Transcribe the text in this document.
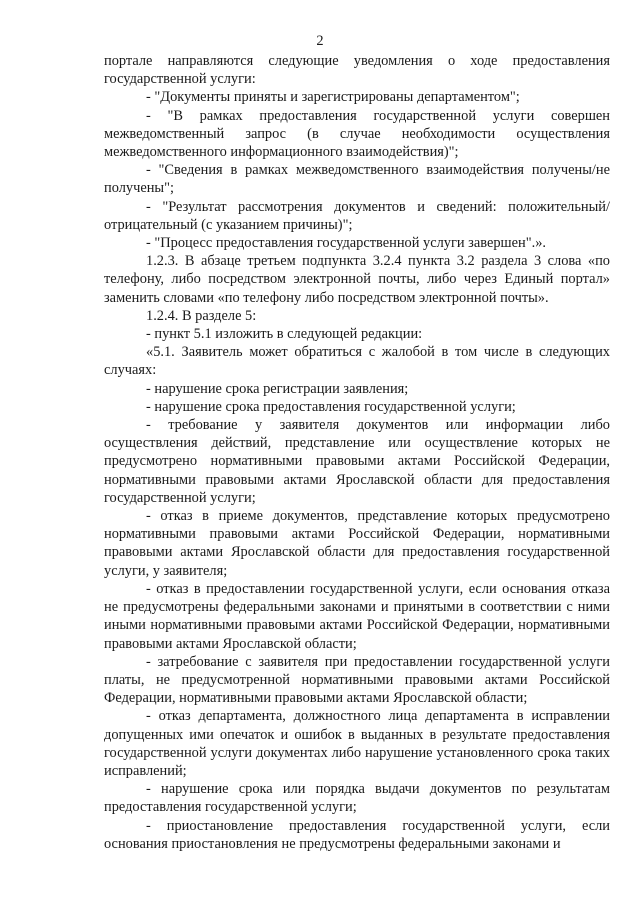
2

порталe направляются следующие уведомления о ходе предоставления государственной услуги:

- "Документы приняты и зарегистрированы департаментом";

- "В рамках предоставления государственной услуги совершен межведомственный запрос (в случае необходимости осуществления межведомственного информационного взаимодействия)";

- "Сведения в рамках межведомственного взаимодействия получены/не получены";

- "Результат рассмотрения документов и сведений: положительный/отрицательный (с указанием причины)";

- "Процесс предоставления государственной услуги завершен".».

1.2.3. В абзаце третьем подпункта 3.2.4 пункта 3.2 раздела 3 слова «по телефону, либо посредством электронной почты, либо через Единый портал» заменить словами «по телефону либо посредством электронной почты».

1.2.4. В разделе 5:

- пункт 5.1 изложить в следующей редакции:

«5.1. Заявитель может обратиться с жалобой в том числе в следующих случаях:

- нарушение срока регистрации заявления;

- нарушение срока предоставления государственной услуги;

- требование у заявителя документов или информации либо осуществления действий, представление или осуществление которых не предусмотрено нормативными правовыми актами Российской Федерации, нормативными правовыми актами Ярославской области для предоставления государственной услуги;

- отказ в приеме документов, представление которых предусмотрено нормативными правовыми актами Российской Федерации, нормативными правовыми актами Ярославской области для предоставления государственной услуги, у заявителя;

- отказ в предоставлении государственной услуги, если основания отказа не предусмотрены федеральными законами и принятыми в соответствии с ними иными нормативными правовыми актами Российской Федерации, нормативными правовыми актами Ярославской области;

- затребование с заявителя при предоставлении государственной услуги платы, не предусмотренной нормативными правовыми актами Российской Федерации, нормативными правовыми актами Ярославской области;

- отказ департамента, должностного лица департамента в исправлении допущенных ими опечаток и ошибок в выданных в результате предоставления государственной услуги документах либо нарушение установленного срока таких исправлений;

- нарушение срока или порядка выдачи документов по результатам предоставления государственной услуги;

- приостановление предоставления государственной услуги, если основания приостановления не предусмотрены федеральными законами и
